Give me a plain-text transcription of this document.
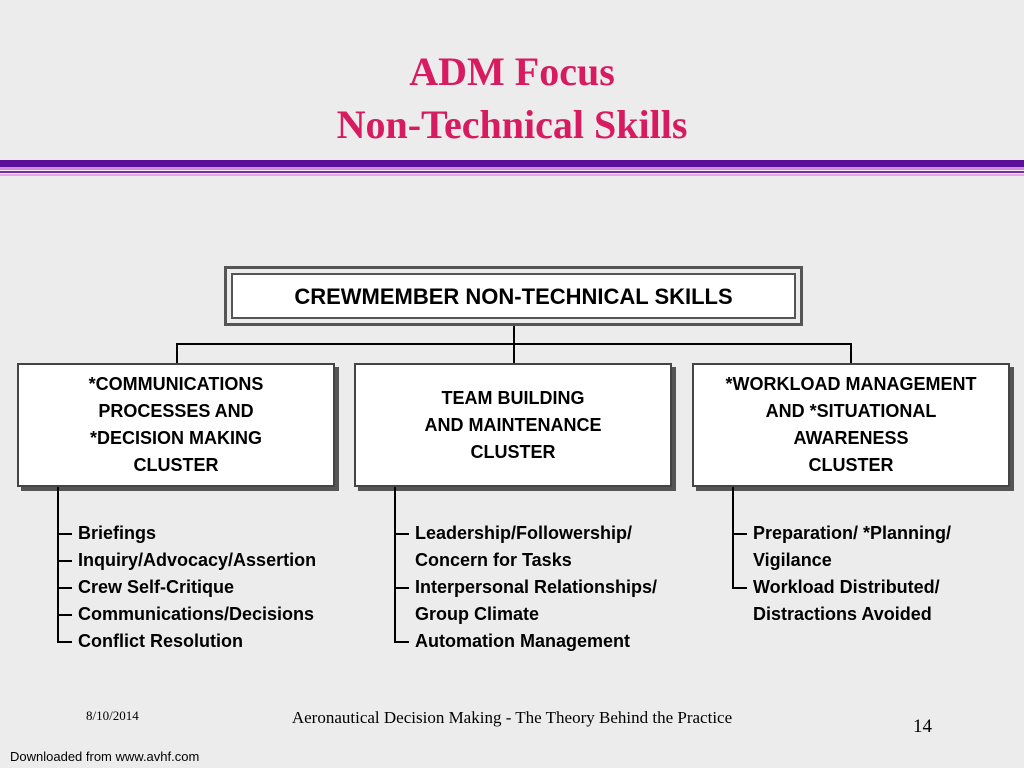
ADM Focus
Non-Technical Skills
CREWMEMBER NON-TECHNICAL SKILLS
*COMMUNICATIONS
PROCESSES AND
*DECISION MAKING
CLUSTER
TEAM BUILDING
AND MAINTENANCE
CLUSTER
*WORKLOAD MANAGEMENT
AND *SITUATIONAL
AWARENESS
CLUSTER
Briefings
Inquiry/Advocacy/Assertion
Crew Self-Critique
Communications/Decisions
Conflict Resolution
Leadership/Followership/
Concern for Tasks
Interpersonal Relationships/
Group Climate
Automation Management
Preparation/ *Planning/
Vigilance
Workload Distributed/
Distractions Avoided
8/10/2014	Aeronautical Decision Making - The Theory Behind the Practice	14
Downloaded from www.avhf.com
